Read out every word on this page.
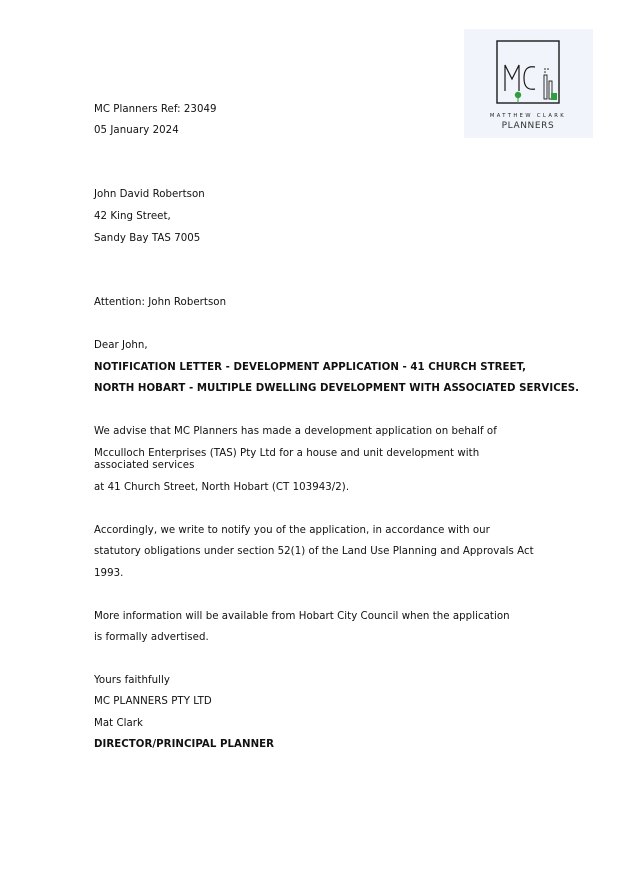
MATTHEW CLARK
PLANNERS
MC Planners Ref: 23049
05 January 2024
John David Robertson
42 King Street,
Sandy Bay TAS 7005
Attention: John Robertson
Dear John,
NOTIFICATION LETTER - DEVELOPMENT APPLICATION - 41 CHURCH STREET,
NORTH HOBART - MULTIPLE DWELLING DEVELOPMENT WITH ASSOCIATED SERVICES.
We advise that MC Planners has made a development application on behalf of
Mcculloch Enterprises (TAS) Pty Ltd for a house and unit development with associated services
at 41 Church Street, North Hobart (CT 103943/2).
Accordingly, we write to notify you of the application, in accordance with our
statutory obligations under section 52(1) of the Land Use Planning and Approvals Act
1993.
More information will be available from Hobart City Council when the application
is formally advertised.
Yours faithfully
MC PLANNERS PTY LTD
Mat Clark
DIRECTOR/PRINCIPAL PLANNER
